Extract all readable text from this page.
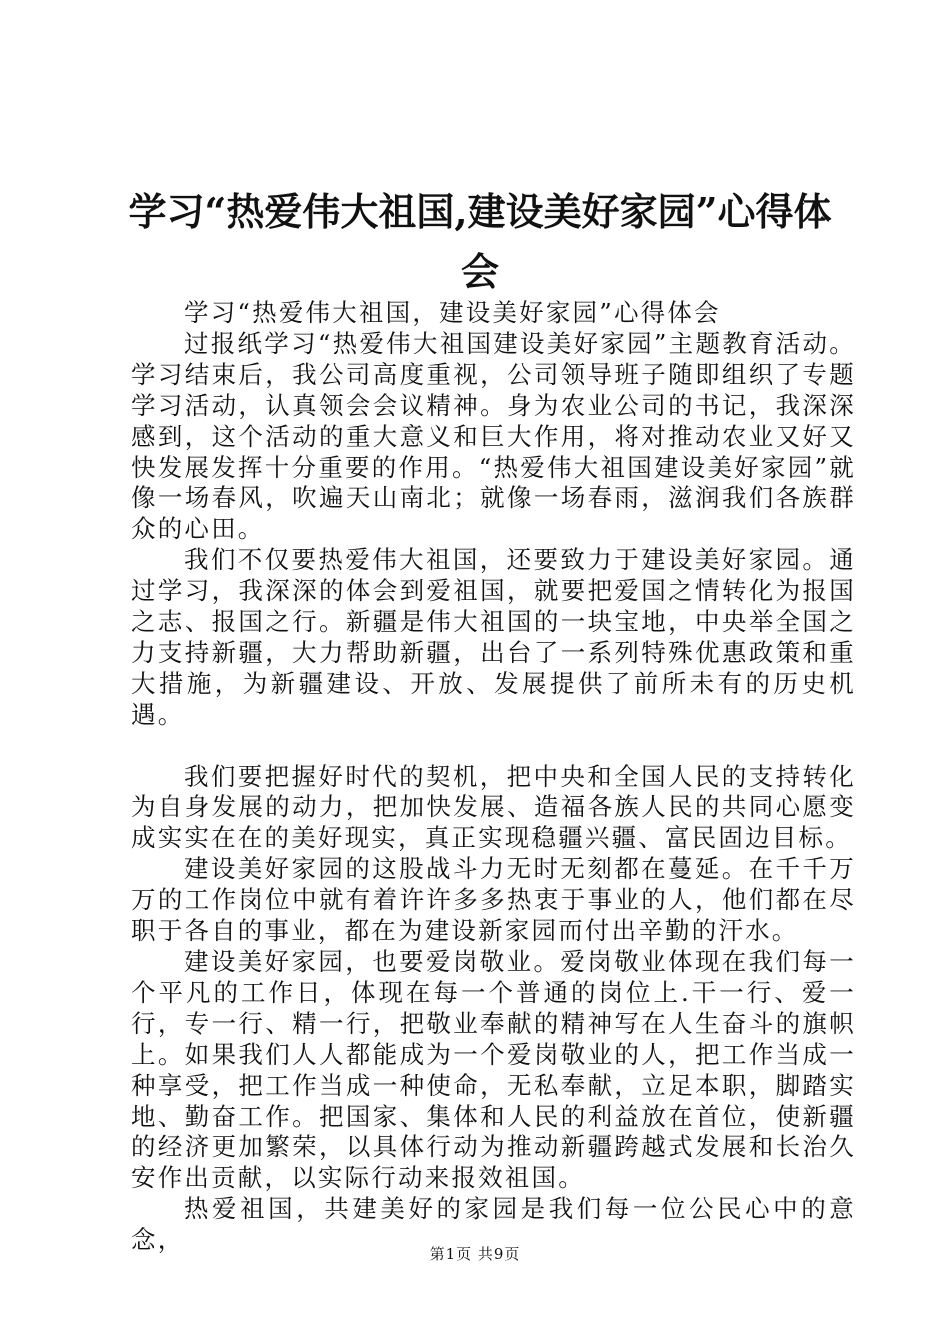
学习“热爱伟大祖国,建设美好家园”心得体会

学习“热爱伟大祖国，建设美好家园”心得体会

过报纸学习“热爱伟大祖国建设美好家园”主题教育活动。学习结束后，我公司高度重视，公司领导班子随即组织了专题学习活动，认真领会会议精神。身为农业公司的书记，我深深感到，这个活动的重大意义和巨大作用，将对推动农业又好又快发展发挥十分重要的作用。“热爱伟大祖国建设美好家园”就像一场春风，吹遍天山南北；就像一场春雨，滋润我们各族群众的心田。

我们不仅要热爱伟大祖国，还要致力于建设美好家园。通过学习，我深深的体会到爱祖国，就要把爱国之情转化为报国之志、报国之行。新疆是伟大祖国的一块宝地，中央举全国之力支持新疆，大力帮助新疆，出台了一系列特殊优惠政策和重大措施，为新疆建设、开放、发展提供了前所未有的历史机遇。

我们要把握好时代的契机，把中央和全国人民的支持转化为自身发展的动力，把加快发展、造福各族人民的共同心愿变成实实在在的美好现实，真正实现稳疆兴疆、富民固边目标。

建设美好家园的这股战斗力无时无刻都在蔓延。在千千万万的工作岗位中就有着许许多多热衷于事业的人，他们都在尽职于各自的事业，都在为建设新家园而付出辛勤的汗水。

建设美好家园，也要爱岗敬业。爱岗敬业体现在我们每一个平凡的工作日，体现在每一个普通的岗位上.干一行、爱一行，专一行、精一行，把敬业奉献的精神写在人生奋斗的旗帜上。如果我们人人都能成为一个爱岗敬业的人，把工作当成一种享受，把工作当成一种使命，无私奉献，立足本职，脚踏实地、勤奋工作。把国家、集体和人民的利益放在首位，使新疆的经济更加繁荣，以具体行动为推动新疆跨越式发展和长治久安作出贡献，以实际行动来报效祖国。

热爱祖国，共建美好的家园是我们每一位公民心中的意念，	第1页 共9页
